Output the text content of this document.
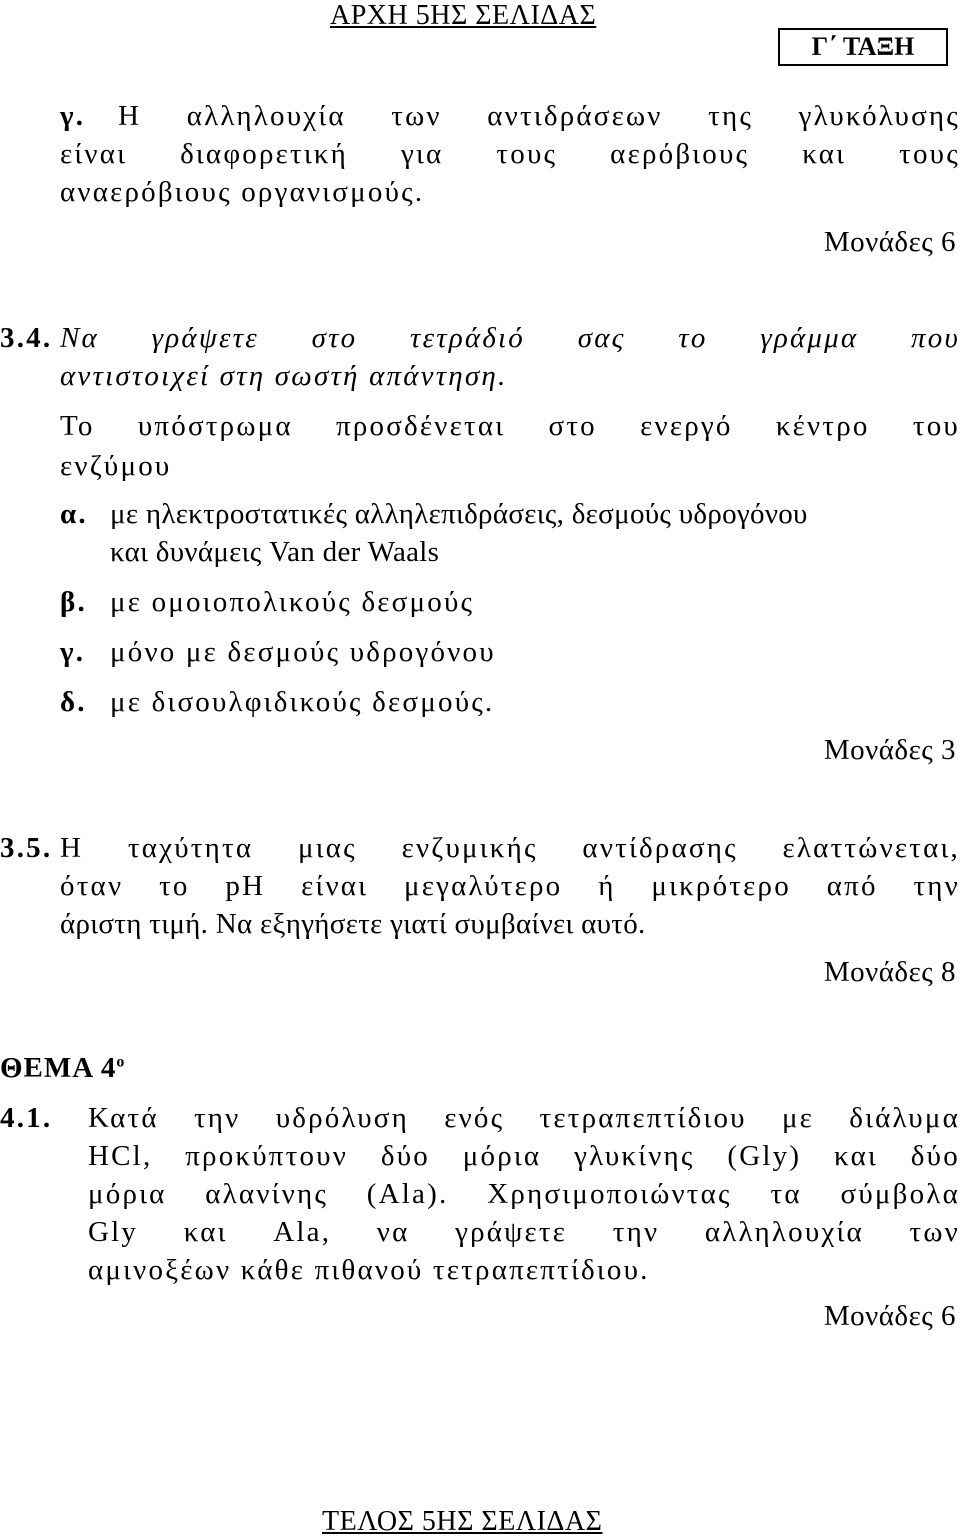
ΑΡΧΗ 5ΗΣ ΣΕΛΙΔΑΣ
Γ΄ ΤΑΞΗ
γ. Η αλληλουχία των αντιδράσεων της γλυκόλυσης
είναι διαφορετική για τους αερόβιους και τους
αναερόβιους οργανισμούς.
Μονάδες 6
3.4. Να γράψετε στο τετράδιό σας το γράμμα που
αντιστοιχεί στη σωστή απάντηση.
Το υπόστρωμα προσδένεται στο ενεργό κέντρο του
ενζύμου
α. με ηλεκτροστατικές αλληλεπιδράσεις, δεσμούς υδρογόνου
και δυνάμεις Van der Waals
β. με ομοιοπολικούς δεσμούς
γ. μόνο με δεσμούς υδρογόνου
δ. με δισουλφιδικούς δεσμούς.
Μονάδες 3
3.5. Η ταχύτητα μιας ενζυμικής αντίδρασης ελαττώνεται,
όταν το pH είναι μεγαλύτερο ή μικρότερο από την
άριστη τιμή. Να εξηγήσετε γιατί συμβαίνει αυτό.
Μονάδες 8
ΘΕΜΑ $4^o$
4.1. Κατά την υδρόλυση ενός τετραπεπτίδιου με διάλυμα
HCl, προκύπτουν δύο μόρια γλυκίνης (Gly) και δύο
μόρια αλανίνης (Ala). Χρησιμοποιώντας τα σύμβολα
Gly και Ala, να γράψετε την αλληλουχία των
αμινοξέων κάθε πιθανού τετραπεπτίδιου.
Μονάδες 6
ΤΕΛΟΣ 5ΗΣ ΣΕΛΙΔΑΣ
